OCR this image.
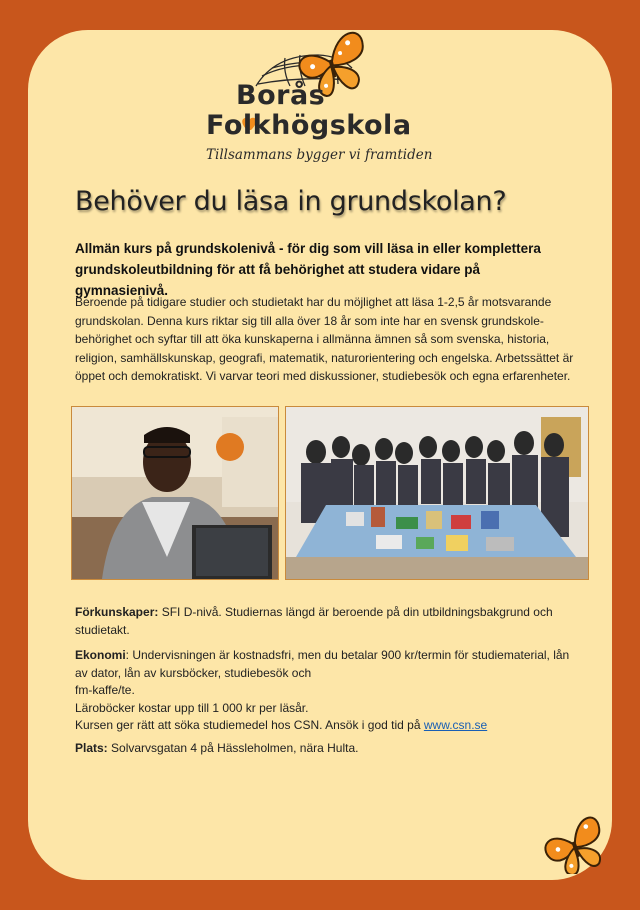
Borås
Folkhögskola
Tillsammans bygger vi framtiden
Behöver du läsa in grundskolan?
Allmän kurs på grundskolenivå - för dig som vill läsa in eller komplettera grundskoleutbildning för att få behörighet att studera vidare på gymnasienivå.
Beroende på tidigare studier och studietakt har du möjlighet att läsa 1-2,5 år motsvarande grundskolan. Denna kurs riktar sig till alla över 18 år som inte har en svensk grundskole-behörighet och syftar till att öka kunskaperna i allmänna ämnen så som svenska, historia, religion, samhällskunskap, geografi, matematik, naturorientering och engelska. Arbetssättet är öppet och demokratiskt. Vi varvar teori med diskussioner, studiebesök och egna erfarenheter.
Förkunskaper: SFI D-nivå. Studiernas längd är beroende på din utbildningsbakgrund och studietakt.
Ekonomi: Undervisningen är kostnadsfri, men du betalar 900 kr/termin för studiematerial, lån av dator, lån av kursböcker, studiebesök och
fm-kaffe/te.
Läroböcker kostar upp till 1 000 kr per läsår.
Kursen ger rätt att söka studiemedel hos CSN. Ansök i god tid på www.csn.se
Plats: Solvarvsgatan 4 på Hässleholmen, nära Hulta.
